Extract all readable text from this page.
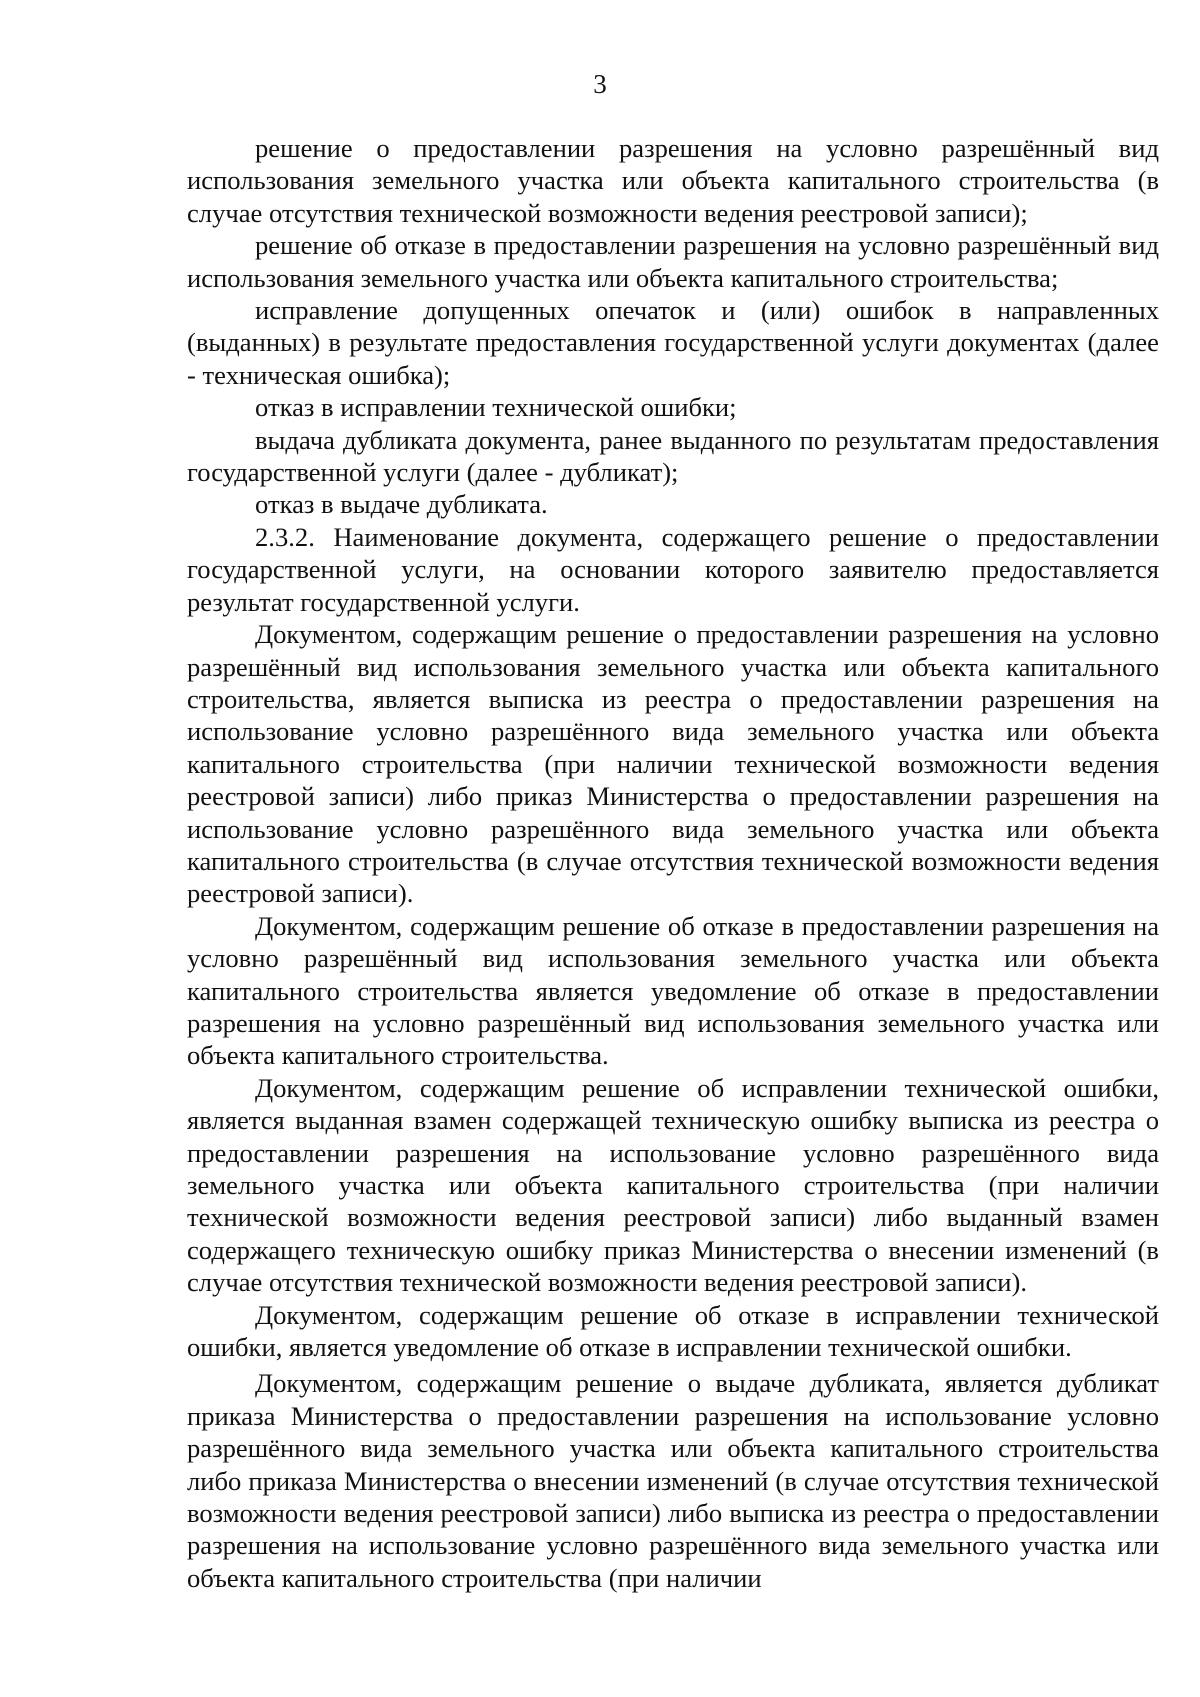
3

решение о предоставлении разрешения на условно разрешённый вид использования земельного участка или объекта капитального строительства (в случае отсутствия технической возможности ведения реестровой записи);

решение об отказе в предоставлении разрешения на условно разрешённый вид использования земельного участка или объекта капитального строительства;

исправление допущенных опечаток и (или) ошибок в направленных (выданных) в результате предоставления государственной услуги документах (далее - техническая ошибка);

отказ в исправлении технической ошибки;

выдача дубликата документа, ранее выданного по результатам предоставления государственной услуги (далее - дубликат);

отказ в выдаче дубликата.

2.3.2. Наименование документа, содержащего решение о предоставлении государственной услуги, на основании которого заявителю предоставляется результат государственной услуги.

Документом, содержащим решение о предоставлении разрешения на условно разрешённый вид использования земельного участка или объекта капитального строительства, является выписка из реестра о предоставлении разрешения на использование условно разрешённого вида земельного участка или объекта капитального строительства (при наличии технической возможности ведения реестровой записи) либо приказ Министерства о предоставлении разрешения на использование условно разрешённого вида земельного участка или объекта капитального строительства (в случае отсутствия технической возможности ведения реестровой записи).

Документом, содержащим решение об отказе в предоставлении разрешения на условно разрешённый вид использования земельного участка или объекта капитального строительства является уведомление об отказе в предоставлении разрешения на условно разрешённый вид использования земельного участка или объекта капитального строительства.

Документом, содержащим решение об исправлении технической ошибки, является выданная взамен содержащей техническую ошибку выписка из реестра о предоставлении разрешения на использование условно разрешённого вида земельного участка или объекта капитального строительства (при наличии технической возможности ведения реестровой записи) либо выданный взамен содержащего техническую ошибку приказ Министерства о внесении изменений (в случае отсутствия технической возможности ведения реестровой записи).

Документом, содержащим решение об отказе в исправлении технической ошибки, является уведомление об отказе в исправлении технической ошибки.

Документом, содержащим решение о выдаче дубликата, является дубликат приказа Министерства о предоставлении разрешения на использование условно разрешённого вида земельного участка или объекта капитального строительства либо приказа Министерства о внесении изменений (в случае отсутствия технической возможности ведения реестровой записи) либо выписка из реестра о предоставлении разрешения на использование условно разрешённого вида земельного участка или объекта капитального строительства (при наличии
